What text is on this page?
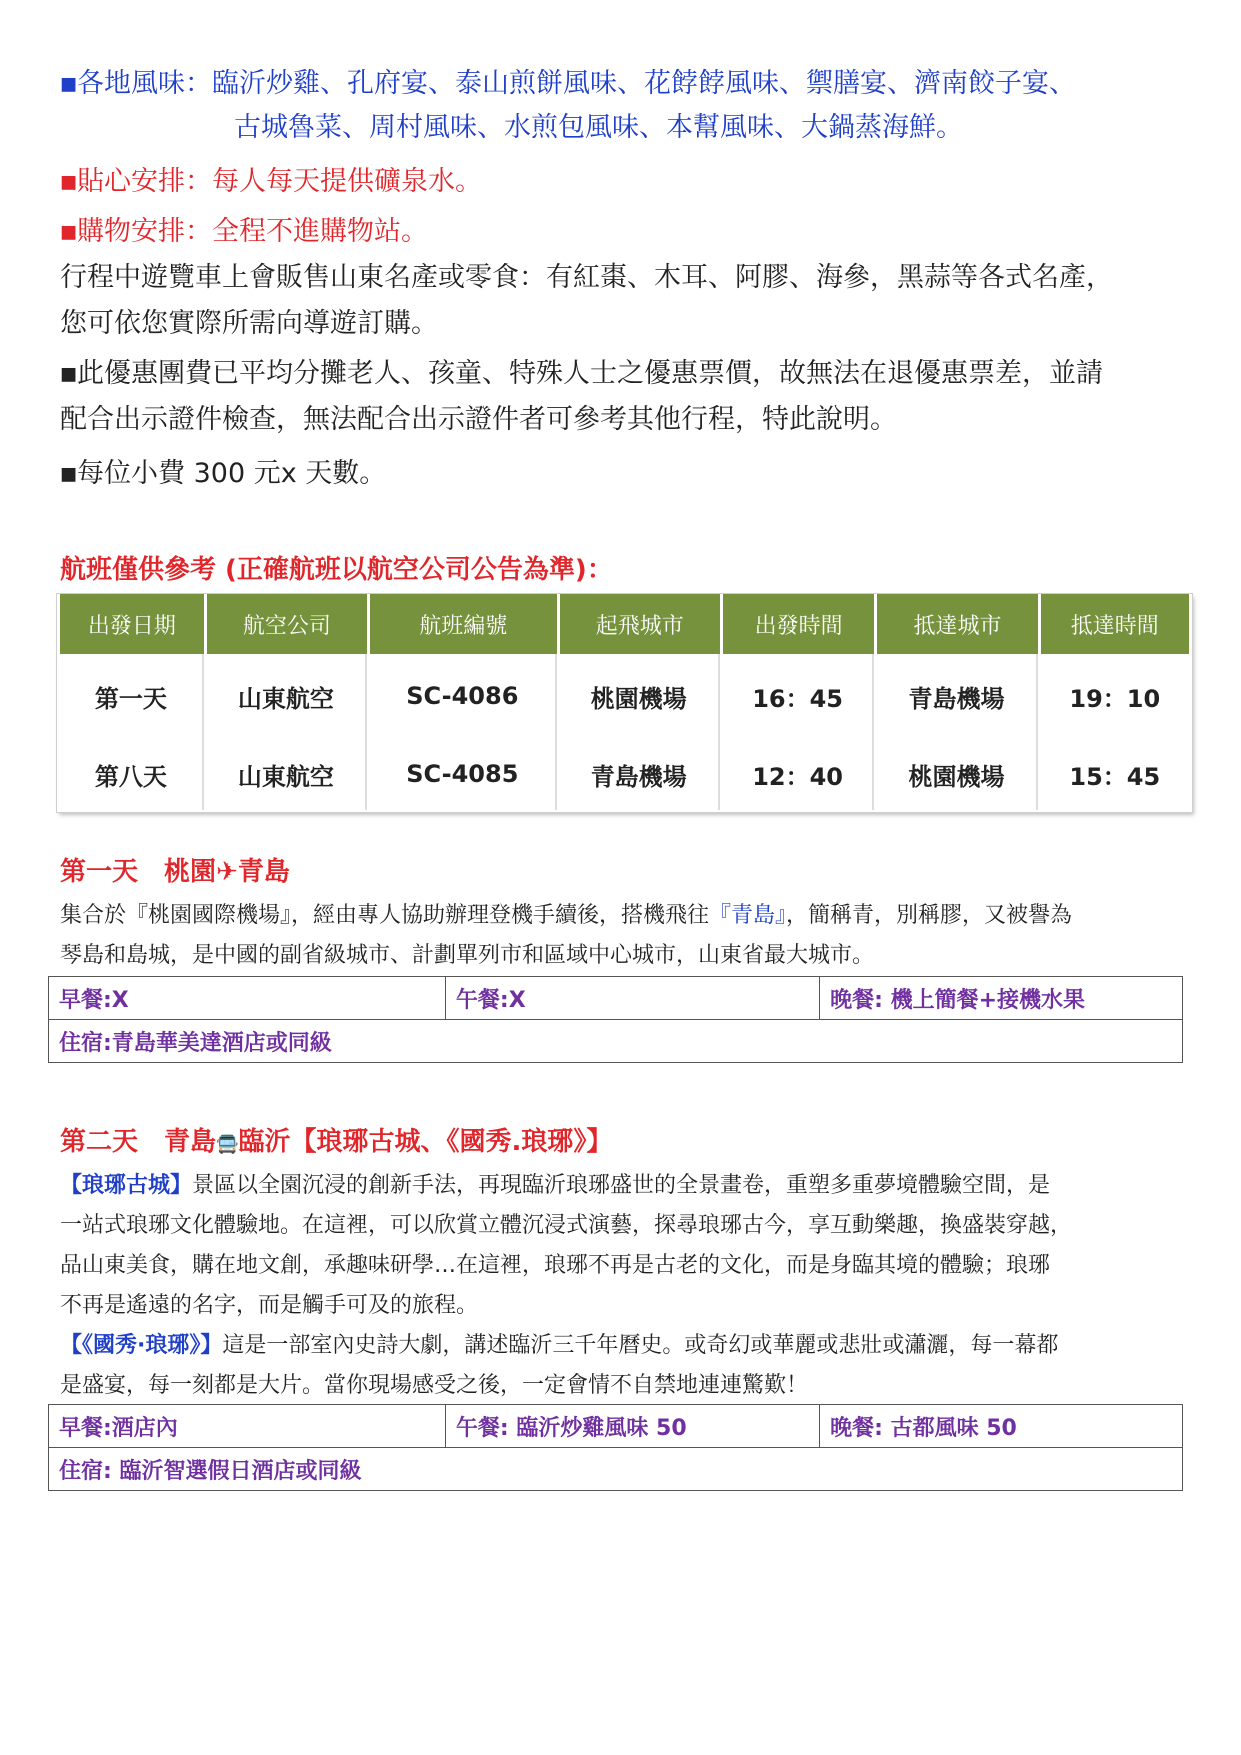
■各地風味：臨沂炒雞、孔府宴、泰山煎餅風味、花餑餑風味、禦膳宴、濟南餃子宴、
古城魯菜、周村風味、水煎包風味、本幫風味、大鍋蒸海鮮。
■貼心安排：每人每天提供礦泉水。
■購物安排：全程不進購物站。
行程中遊覽車上會販售山東名產或零食：有紅棗、木耳、阿膠、海參，黑蒜等各式名產，
您可依您實際所需向導遊訂購。
■此優惠團費已平均分攤老人、孩童、特殊人士之優惠票價，故無法在退優惠票差，並請
配合出示證件檢查，無法配合出示證件者可參考其他行程，特此說明。
■每位小費 300 元x 天數。
航班僅供參考 (正確航班以航空公司公告為準)：
出發日期	航空公司	航班編號	起飛城市	出發時間	抵達城市	抵達時間
第一天	山東航空	SC-4086	桃園機場	16：45	青島機場	19：10
第八天	山東航空	SC-4085	青島機場	12：40	桃園機場	15：45
第一天　桃園✈青島
集合於『桃園國際機場』，經由專人協助辦理登機手續後，搭機飛往『青島』，簡稱青，別稱膠，又被譽為
琴島和島城，是中國的副省級城市、計劃單列市和區域中心城市，山東省最大城市。
早餐:X	午餐:X	晚餐: 機上簡餐+接機水果
住宿:青島華美達酒店或同級
第二天　青島🚍臨沂【琅琊古城、《國秀.琅琊》】
【琅琊古城】景區以全園沉浸的創新手法，再現臨沂琅琊盛世的全景畫卷，重塑多重夢境體驗空間，是
一站式琅琊文化體驗地。在這裡，可以欣賞立體沉浸式演藝，探尋琅琊古今，享互動樂趣，換盛裝穿越，
品山東美食，購在地文創，承趣味研學…在這裡，琅琊不再是古老的文化，而是身臨其境的體驗；琅琊
不再是遙遠的名字，而是觸手可及的旅程。
【《國秀·琅琊》】這是一部室內史詩大劇，講述臨沂三千年曆史。或奇幻或華麗或悲壯或瀟灑，每一幕都
是盛宴，每一刻都是大片。當你現場感受之後，一定會情不自禁地連連驚歎！
早餐:酒店內	午餐: 臨沂炒雞風味 50	晚餐: 古都風味 50
住宿: 臨沂智選假日酒店或同級
